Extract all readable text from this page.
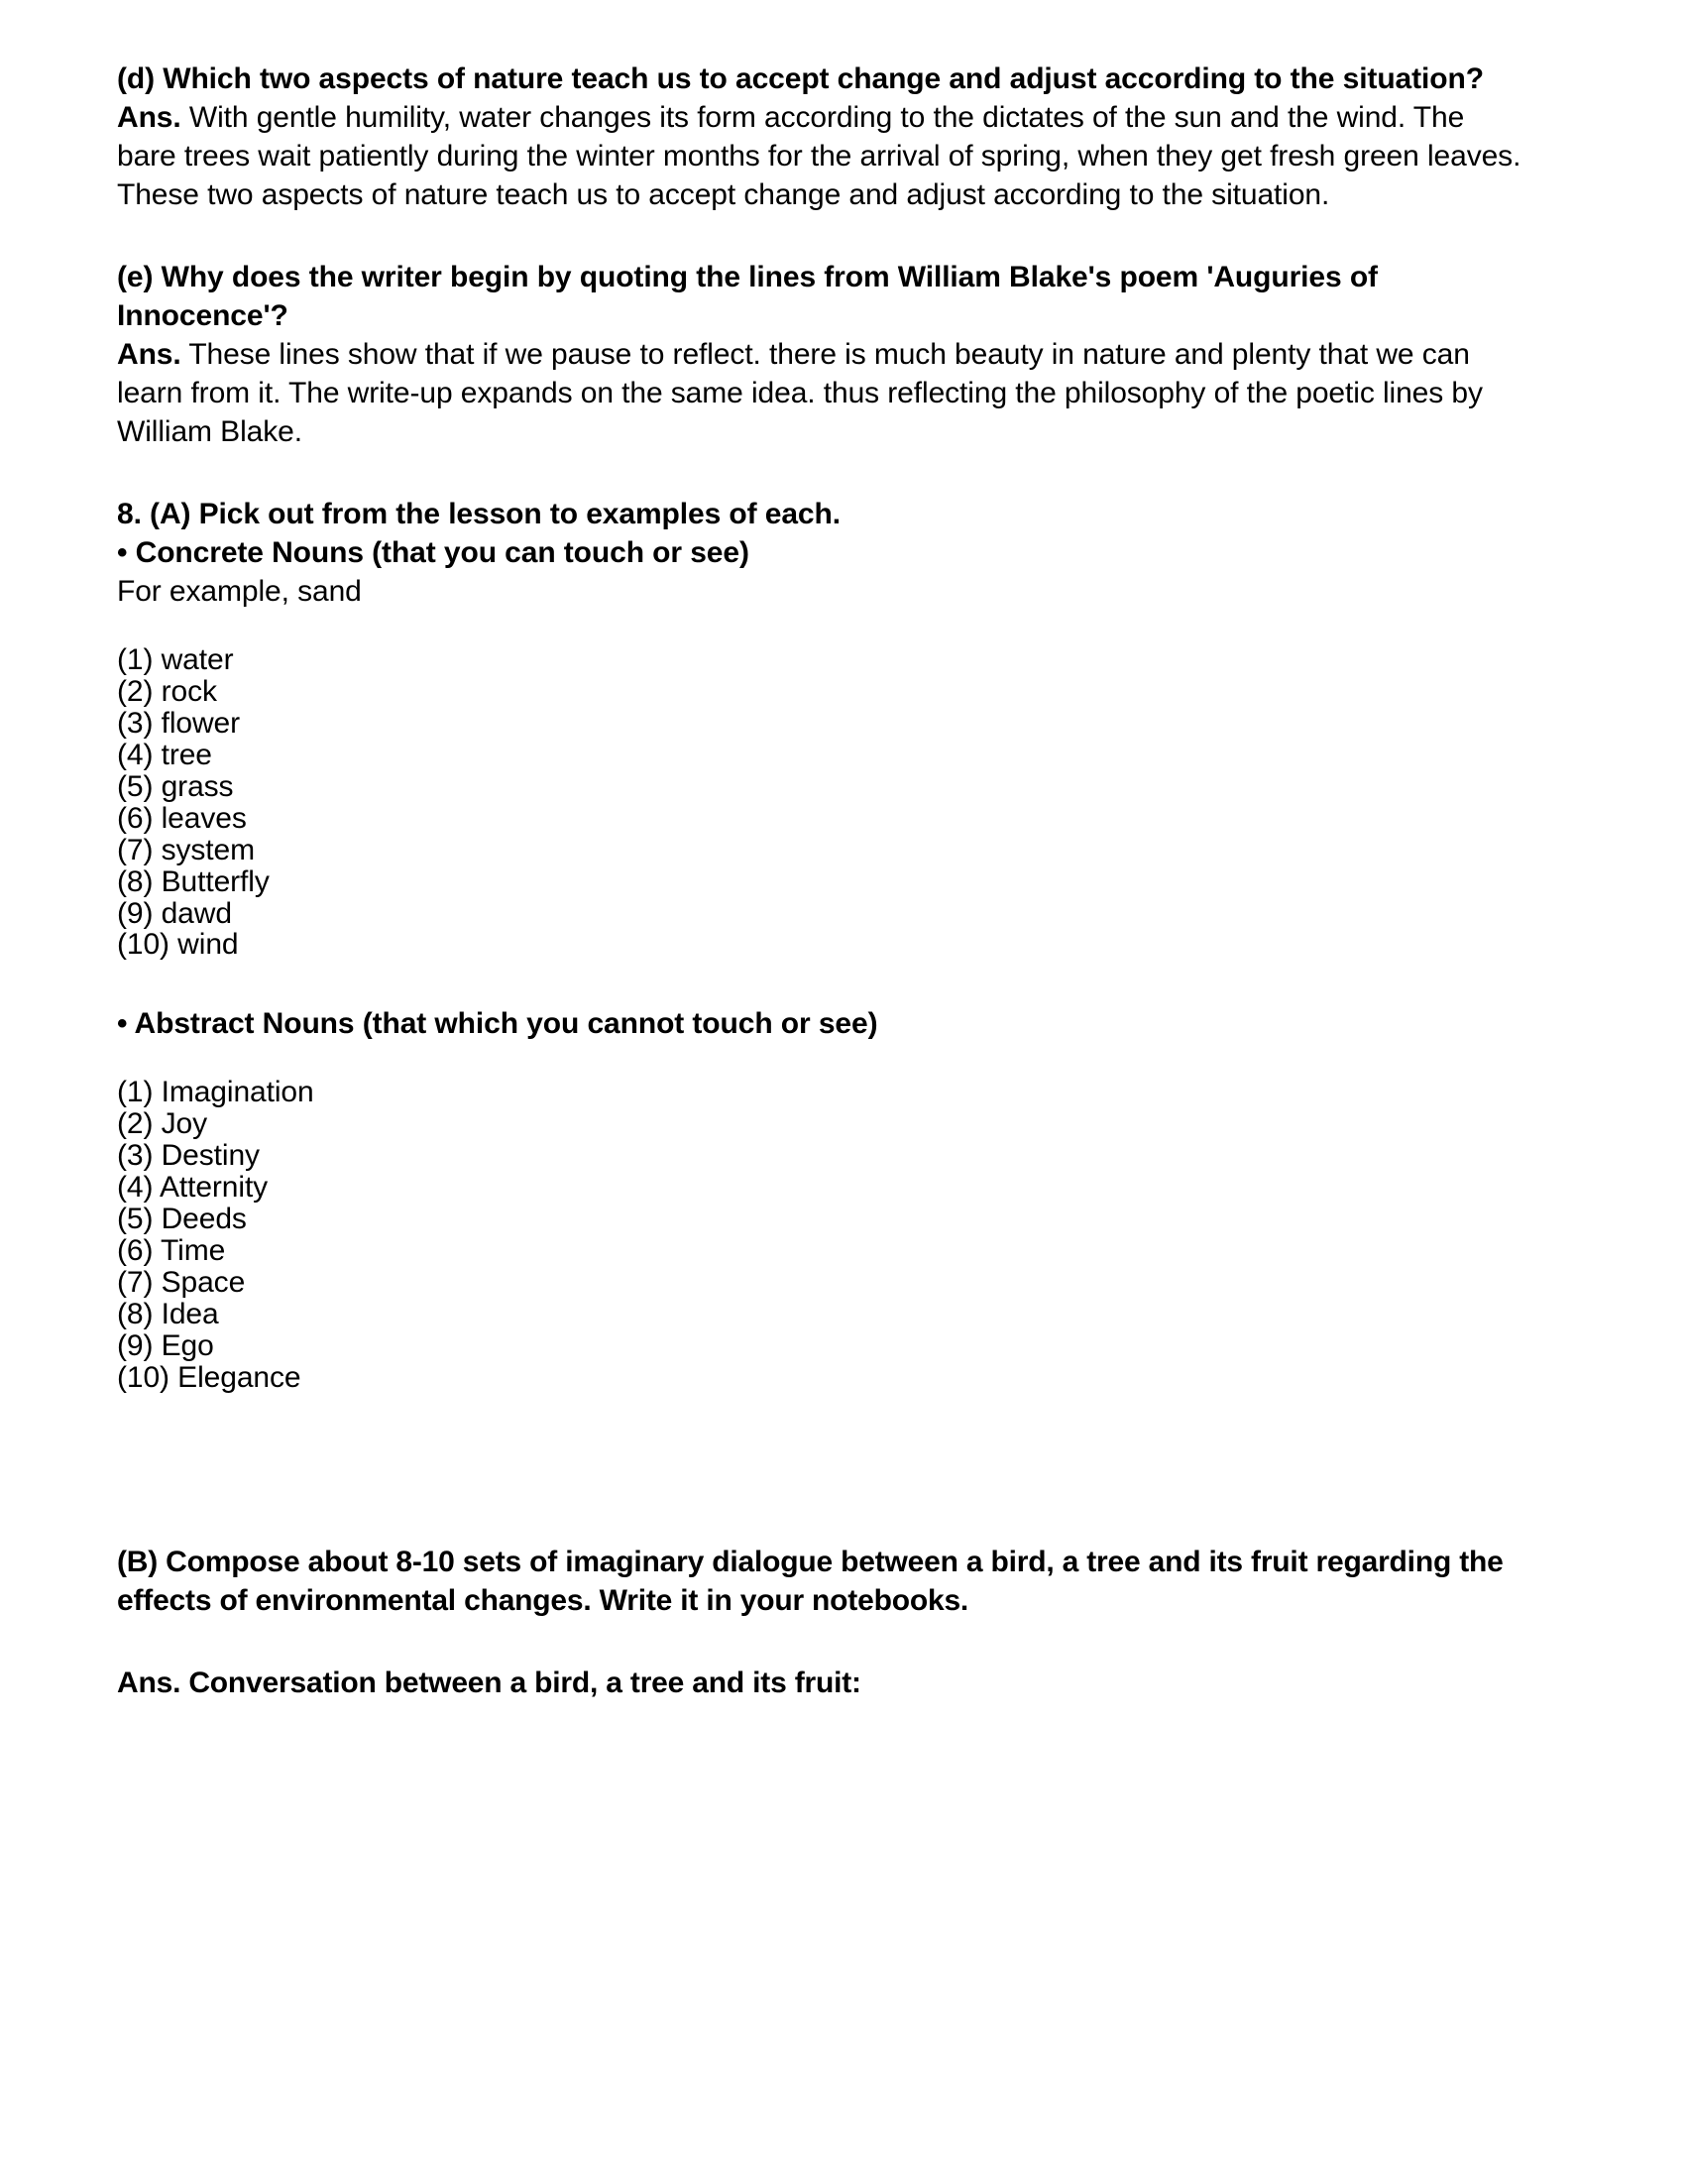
(d) Which two aspects of nature teach us to accept change and adjust according to the situation?

Ans. With gentle humility, water changes its form according to the dictates of the sun and the wind. The bare trees wait patiently during the winter months for the arrival of spring, when they get fresh green leaves. These two aspects of nature teach us to accept change and adjust according to the situation.

(e) Why does the writer begin by quoting the lines from William Blake's poem 'Auguries of Innocence'?

Ans. These lines show that if we pause to reflect. there is much beauty in nature and plenty that we can learn from it. The write-up expands on the same idea. thus reflecting the philosophy of the poetic lines by William Blake.

8. (A) Pick out from the lesson to examples of each.

• Concrete Nouns (that you can touch or see)

For example, sand

(1) water
(2) rock
(3) flower
(4) tree
(5) grass
(6) leaves
(7) system
(8) Butterfly
(9) dawd
(10) wind

• Abstract Nouns (that which you cannot touch or see)

(1) Imagination
(2) Joy
(3) Destiny
(4) Atternity
(5) Deeds
(6) Time
(7) Space
(8) Idea
(9) Ego
(10) Elegance

(B) Compose about 8-10 sets of imaginary dialogue between a bird, a tree and its fruit regarding the effects of environmental changes. Write it in your notebooks.

Ans. Conversation between a bird, a tree and its fruit:
